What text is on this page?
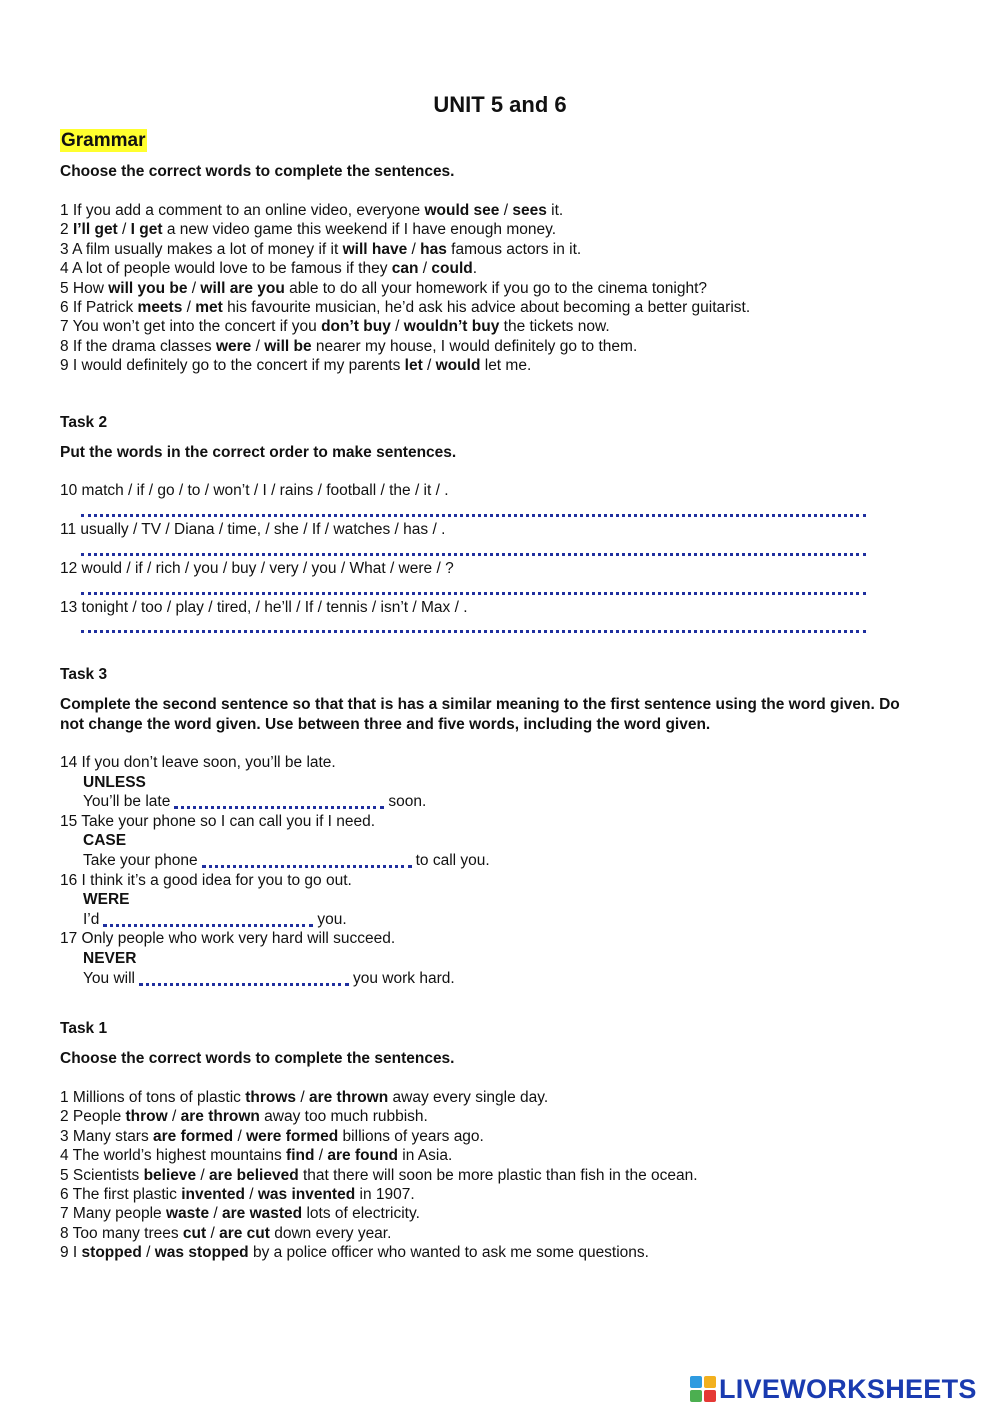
UNIT 5 and 6
Grammar

Choose the correct words to complete the sentences.

1 If you add a comment to an online video, everyone would see / sees it.
2 I’ll get / I get a new video game this weekend if I have enough money.
3 A film usually makes a lot of money if it will have / has famous actors in it.
4 A lot of people would love to be famous if they can / could.
5 How will you be / will are you able to do all your homework if you go to the cinema tonight?
6 If Patrick meets / met his favourite musician, he’d ask his advice about becoming a better guitarist.
7 You won’t get into the concert if you don’t buy / wouldn’t buy the tickets now.
8 If the drama classes were / will be nearer my house, I would definitely go to them.
9 I would definitely go to the concert if my parents let / would let me.

Task 2

Put the words in the correct order to make sentences.

10 match / if / go / to / won’t / I / rains / football / the / it / .

11 usually / TV / Diana / time, / she / If / watches / has / .

12 would / if / rich / you / buy / very / you / What / were / ?

13 tonight / too / play / tired, / he’ll / If / tennis / isn’t / Max / .

Task 3

Complete the second sentence so that that is has a similar meaning to the first sentence using the word given. Do not change the word given. Use between three and five words, including the word given.

14 If you don’t leave soon, you’ll be late.
UNLESS
You’ll be late	soon.
15 Take your phone so I can call you if I need.
CASE
Take your phone	to call you.
16 I think it’s a good idea for you to go out.
WERE
I’d	you.
17 Only people who work very hard will succeed.
NEVER
You will	you work hard.

Task 1

Choose the correct words to complete the sentences.

1 Millions of tons of plastic throws / are thrown away every single day.
2 People throw / are thrown away too much rubbish.
3 Many stars are formed / were formed billions of years ago.
4 The world’s highest mountains find / are found in Asia.
5 Scientists believe / are believed that there will soon be more plastic than fish in the ocean.
6 The first plastic invented / was invented in 1907.
7 Many people waste / are wasted lots of electricity.
8 Too many trees cut / are cut down every year.
9 I stopped / was stopped by a police officer who wanted to ask me some questions.
LIVEWORKSHEETS
